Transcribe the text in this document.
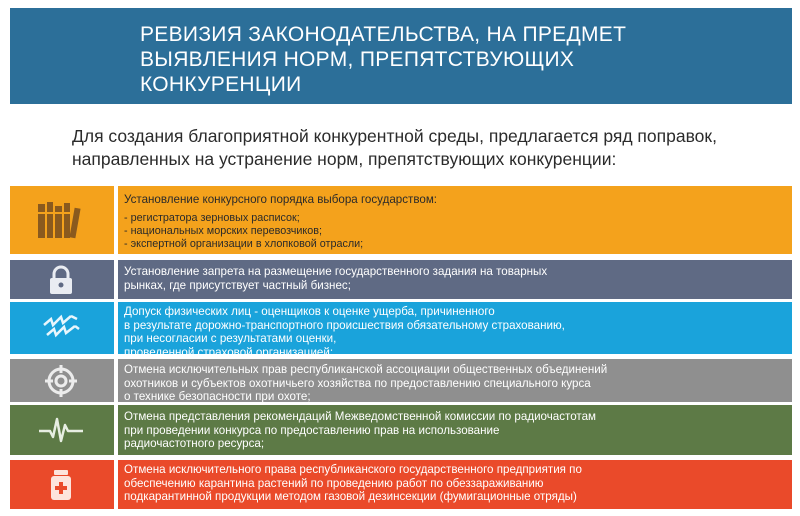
РЕВИЗИЯ ЗАКОНОДАТЕЛЬСТВА, НА ПРЕДМЕТ
ВЫЯВЛЕНИЯ НОРМ, ПРЕПЯТСТВУЮЩИХ
КОНКУРЕНЦИИ
Для создания благоприятной конкурентной среды, предлагается ряд поправок,
направленных на устранение норм, препятствующих конкуренции:
Установление конкурсного порядка выбора государством:
- регистратора зерновых расписок;
- национальных морских перевозчиков;
- экспертной организации в хлопковой отрасли;
Установление запрета на размещение государственного задания на товарных
рынках, где присутствует частный бизнес;
Допуск физических лиц - оценщиков к оценке ущерба, причиненного
в результате дорожно-транспортного происшествия обязательному страхованию,
при несогласии с результатами оценки,
проведенной страховой организацией;
Отмена исключительных прав республиканской ассоциации общественных объединений
охотников и субъектов охотничьего хозяйства по предоставлению специального курса
о технике безопасности при охоте;
Отмена представления рекомендаций Межведомственной комиссии по радиочастотам
при проведении конкурса по предоставлению прав на использование
радиочастотного ресурса;
Отмена исключительного права республиканского государственного предприятия по
обеспечению карантина растений по проведению работ по обеззараживанию
подкарантинной продукции методом газовой дезинсекции (фумигационные отряды)
